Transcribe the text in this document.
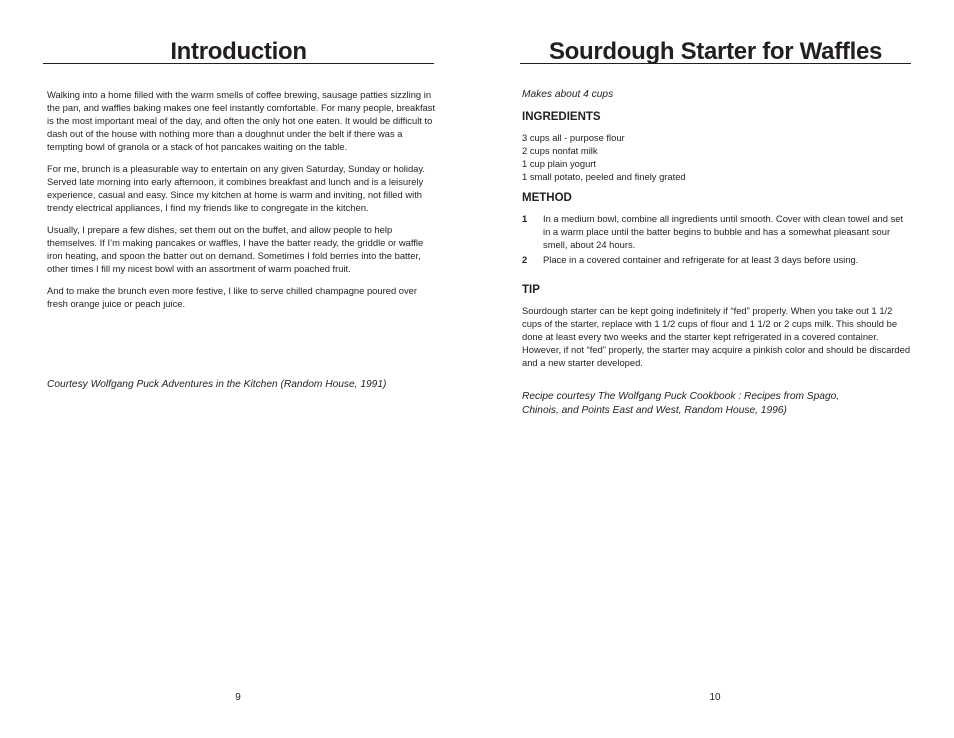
Introduction

Walking into a home filled with the warm smells of coffee brewing, sausage patties sizzling in the pan, and waffles baking makes one feel instantly comfortable. For many people, breakfast is the most important meal of the day, and often the only hot one eaten. It would be difficult to dash out of the house with nothing more than a doughnut under the belt if there was a tempting bowl of granola or a stack of hot pancakes waiting on the table.

For me, brunch is a pleasurable way to entertain on any given Saturday, Sunday or holiday. Served late morning into early afternoon, it combines breakfast and lunch and is a leisurely experience, casual and easy. Since my kitchen at home is warm and inviting, not filled with trendy electrical appliances, I find my friends like to congregate in the kitchen.

Usually, I prepare a few dishes, set them out on the buffet, and allow people to help themselves. If I’m making pancakes or waffles, I have the batter ready, the griddle or waffle iron heating, and spoon the batter out on demand. Sometimes I fold berries into the batter, other times I fill my nicest bowl with an assortment of warm poached fruit.

And to make the brunch even more festive, I like to serve chilled champagne poured over fresh orange juice or peach juice.

Courtesy Wolfgang Puck Adventures in the Kitchen (Random House, 1991)
9
Sourdough Starter for Waffles
Makes about 4 cups
INGREDIENTS
3 cups all - purpose flour
2 cups nonfat milk
1 cup plain yogurt
1 small potato, peeled and finely grated
METHOD
1 In a medium bowl, combine all ingredients until smooth. Cover with clean towel and set in a warm place until the batter begins to bubble and has a somewhat pleasant sour smell, about 24 hours.
2 Place in a covered container and refrigerate for at least 3 days before using.
TIP
Sourdough starter can be kept going indefinitely if “fed” properly. When you take out 1 1/2 cups of the starter, replace with 1 1/2 cups of flour and 1 1/2 or 2 cups milk. This should be done at least every two weeks and the starter kept refrigerated in a covered container. However, if not “fed” properly, the starter may acquire a pinkish color and should be discarded and a new starter developed.
Recipe courtesy The Wolfgang Puck Cookbook : Recipes from Spago,
Chinois, and Points East and West, Random House, 1996)
10
